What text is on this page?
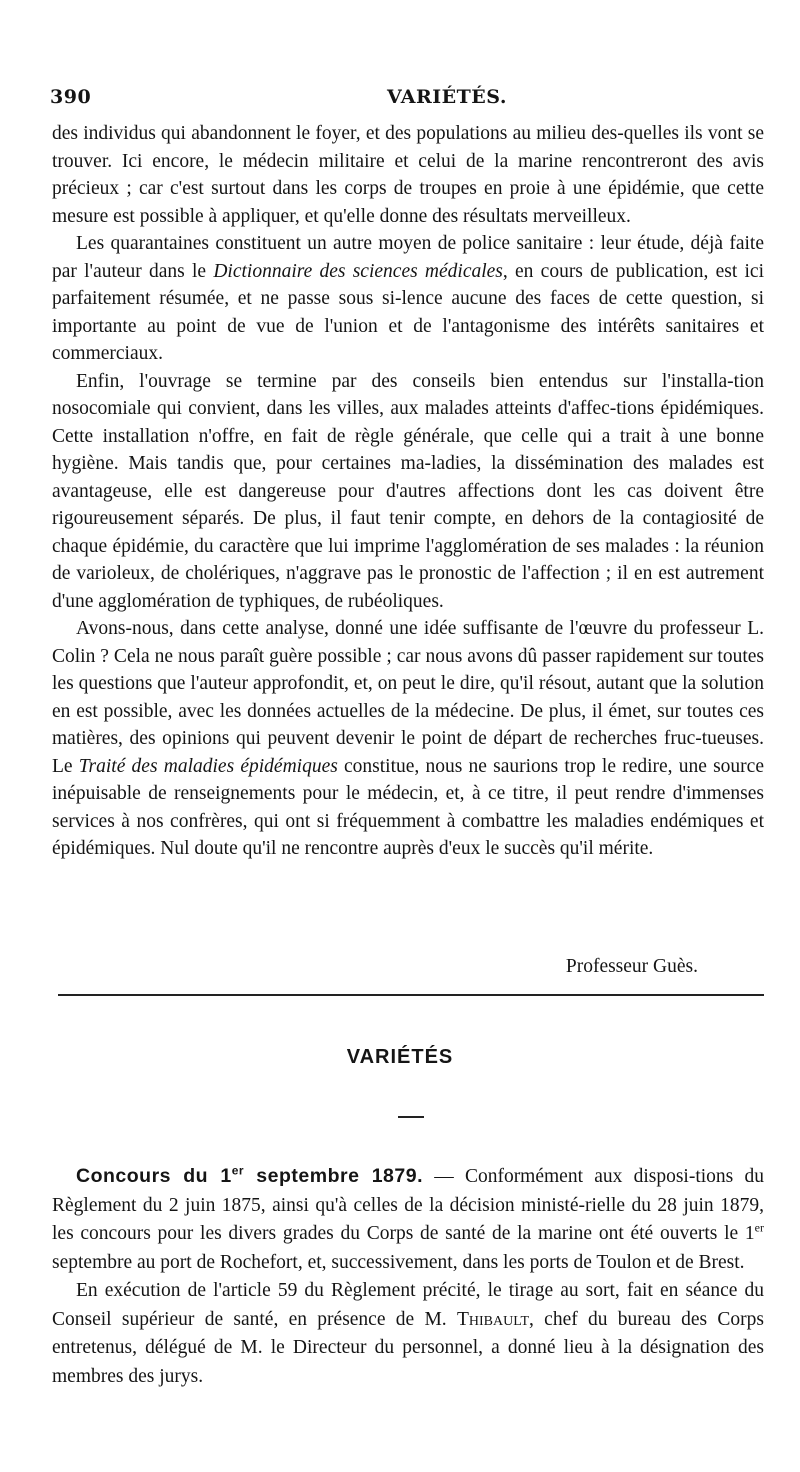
390	VARIÉTÉS.

des individus qui abandonnent le foyer, et des populations au milieu des-quelles ils vont se trouver. Ici encore, le médecin militaire et celui de la marine rencontreront des avis précieux ; car c'est surtout dans les corps de troupes en proie à une épidémie, que cette mesure est possible à appliquer, et qu'elle donne des résultats merveilleux.

Les quarantaines constituent un autre moyen de police sanitaire : leur étude, déjà faite par l'auteur dans le Dictionnaire des sciences médicales, en cours de publication, est ici parfaitement résumée, et ne passe sous si-lence aucune des faces de cette question, si importante au point de vue de l'union et de l'antagonisme des intérêts sanitaires et commerciaux.

Enfin, l'ouvrage se termine par des conseils bien entendus sur l'installa-tion nosocomiale qui convient, dans les villes, aux malades atteints d'affec-tions épidémiques. Cette installation n'offre, en fait de règle générale, que celle qui a trait à une bonne hygiène. Mais tandis que, pour certaines ma-ladies, la dissémination des malades est avantageuse, elle est dangereuse pour d'autres affections dont les cas doivent être rigoureusement séparés. De plus, il faut tenir compte, en dehors de la contagiosité de chaque épidémie, du caractère que lui imprime l'agglomération de ses malades : la réunion de varioleux, de cholériques, n'aggrave pas le pronostic de l'affection ; il en est autrement d'une agglomération de typhiques, de rubéoliques.

Avons-nous, dans cette analyse, donné une idée suffisante de l'œuvre du professeur L. Colin ? Cela ne nous paraît guère possible ; car nous avons dû passer rapidement sur toutes les questions que l'auteur approfondit, et, on peut le dire, qu'il résout, autant que la solution en est possible, avec les données actuelles de la médecine. De plus, il émet, sur toutes ces matières, des opinions qui peuvent devenir le point de départ de recherches fruc-tueuses. Le Traité des maladies épidémiques constitue, nous ne saurions trop le redire, une source inépuisable de renseignements pour le médecin, et, à ce titre, il peut rendre d'immenses services à nos confrères, qui ont si fréquemment à combattre les maladies endémiques et épidémiques. Nul doute qu'il ne rencontre auprès d'eux le succès qu'il mérite.

Professeur Guès.
VARIÉTÉS

Concours du 1er septembre 1879. — Conformément aux disposi-tions du Règlement du 2 juin 1875, ainsi qu'à celles de la décision ministé-rielle du 28 juin 1879, les concours pour les divers grades du Corps de santé de la marine ont été ouverts le 1er septembre au port de Rochefort, et, successivement, dans les ports de Toulon et de Brest.

En exécution de l'article 59 du Règlement précité, le tirage au sort, fait en séance du Conseil supérieur de santé, en présence de M. Thibault, chef du bureau des Corps entretenus, délégué de M. le Directeur du personnel, a donné lieu à la désignation des membres des jurys.
